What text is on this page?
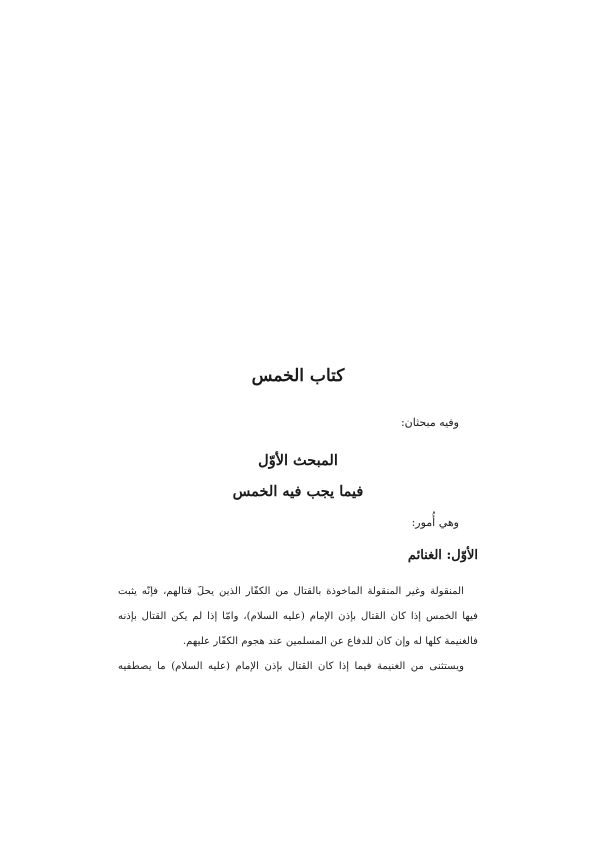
كتاب الخمس
وفيه مبحثان:
المبحث الأوّل
فيما يجب فيه الخمس
وهي أُمور:
الأوّل: الغنائم
المنقولة وغير المنقولة المأخوذة بالقتال من الكفّار الذين يحلّ قتالهم، فإنّه يثبت
فيها الخمس إذا كان القتال بإذن الإمام (عليه السلام)، وأمّا إذا لم يكن القتال بإذنه
فالغنيمة كلّها له وإن كان للدفاع عن المسلمين عند هجوم الكفّار عليهم.
ويستثنى من الغنيمة فيما إذا كان القتال بإذن الإمام (عليه السلام) ما يصطفيه
